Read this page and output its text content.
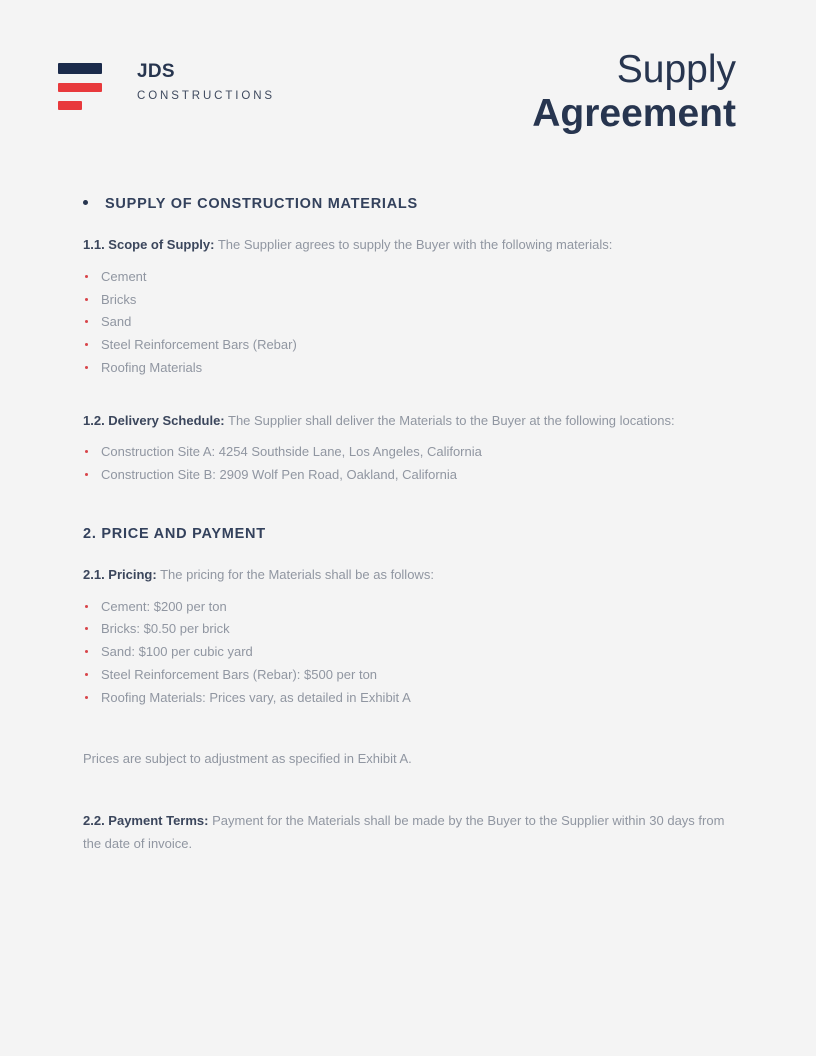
JDS
CONSTRUCTIONS
Supply
Agreement
SUPPLY OF CONSTRUCTION MATERIALS

1.1. Scope of Supply: The Supplier agrees to supply the Buyer with the following materials:

Cement
Bricks
Sand
Steel Reinforcement Bars (Rebar)
Roofing Materials

1.2. Delivery Schedule: The Supplier shall deliver the Materials to the Buyer at the following locations:

Construction Site A: 4254 Southside Lane, Los Angeles, California
Construction Site B: 2909 Wolf Pen Road, Oakland, California
2. PRICE AND PAYMENT

2.1. Pricing: The pricing for the Materials shall be as follows:

Cement: $200 per ton
Bricks: $0.50 per brick
Sand: $100 per cubic yard
Steel Reinforcement Bars (Rebar): $500 per ton
Roofing Materials: Prices vary, as detailed in Exhibit A

Prices are subject to adjustment as specified in Exhibit A.

2.2. Payment Terms: Payment for the Materials shall be made by the Buyer to the Supplier within 30 days from the date of invoice.
